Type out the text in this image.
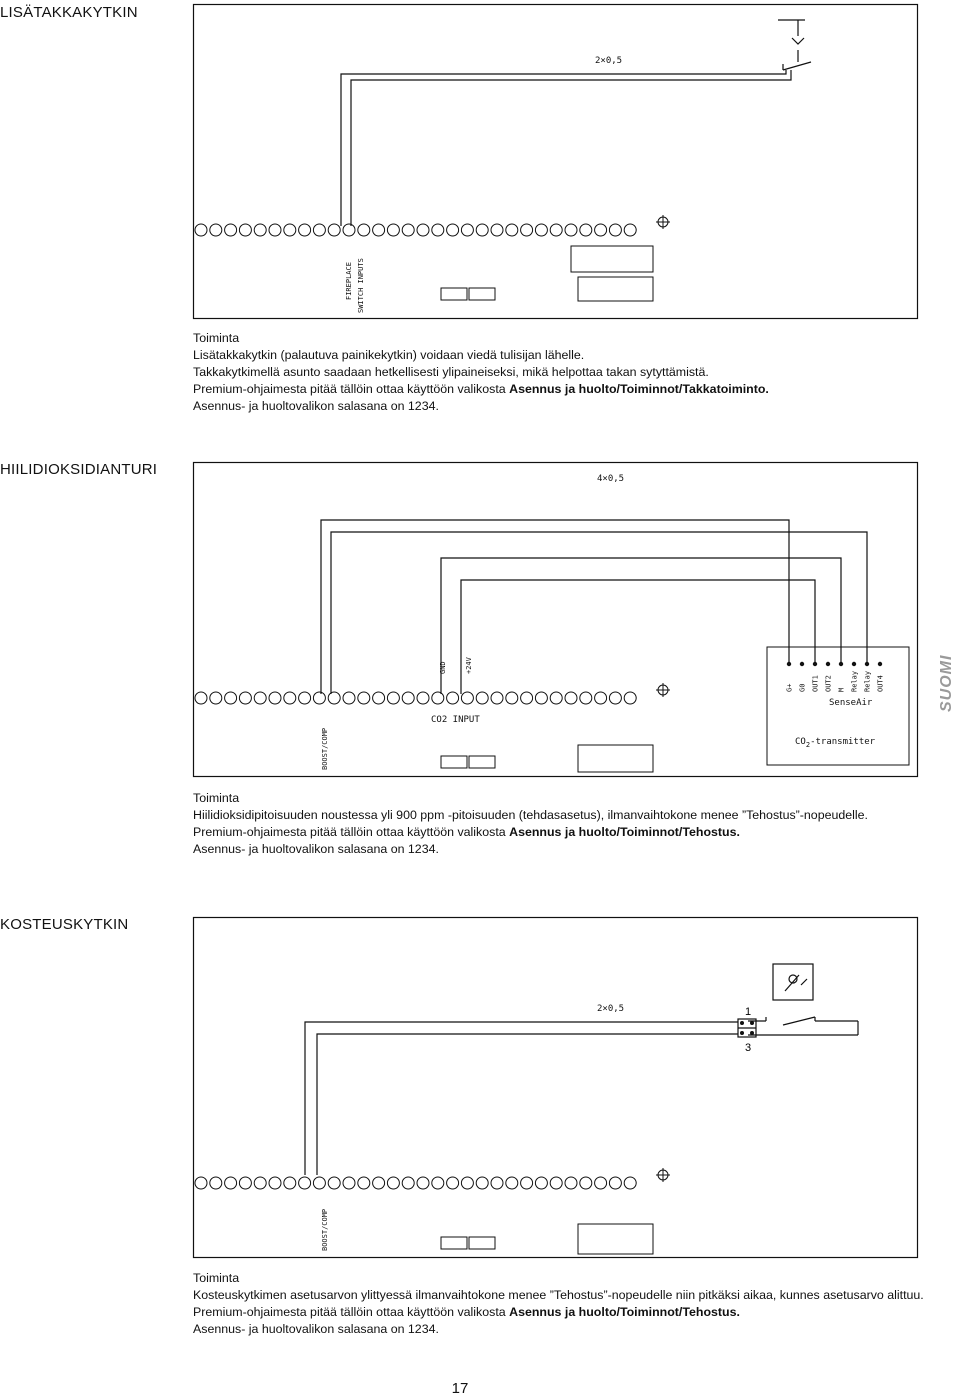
LISÄTAKKAKYTKIN
2×0,5
FIREPLACE SWITCH INPUTS
Toiminta
Lisätakkakytkin (palautuva painikekytkin) voidaan viedä tulisijan lähelle.
Takkakytkimellä asunto saadaan hetkellisesti ylipaineiseksi, mikä helpottaa takan sytyttämistä.
Premium-ohjaimesta pitää tällöin ottaa käyttöön valikosta Asennus ja huolto/Toiminnot/Takkatoiminto.
Asennus- ja huoltovalikon salasana on 1234.
HIILIDIOKSIDIANTURI
4×0,5
GND	+24V
CO2 INPUT
BOOST/COMP
G+ G0 OUT1 OUT2 M Relay Relay OUT4
SenseAir
$CO_2$-transmitter
Toiminta
Hiilidioksidipitoisuuden noustessa yli 900 ppm -pitoisuuden (tehdasasetus), ilmanvaihtokone menee ”Tehostus”-nopeudelle.
Premium-ohjaimesta pitää tällöin ottaa käyttöön valikosta Asennus ja huolto/Toiminnot/Tehostus.
Asennus- ja huoltovalikon salasana on 1234.
KOSTEUSKYTKIN
2×0,5	1
3
BOOST/COMP
Toiminta
Kosteuskytkimen asetusarvon ylittyessä ilmanvaihtokone menee ”Tehostus”-nopeudelle niin pitkäksi aikaa, kunnes asetusarvo alittuu.
Premium-ohjaimesta pitää tällöin ottaa käyttöön valikosta Asennus ja huolto/Toiminnot/Tehostus.
Asennus- ja huoltovalikon salasana on 1234.
SUOMI
17
